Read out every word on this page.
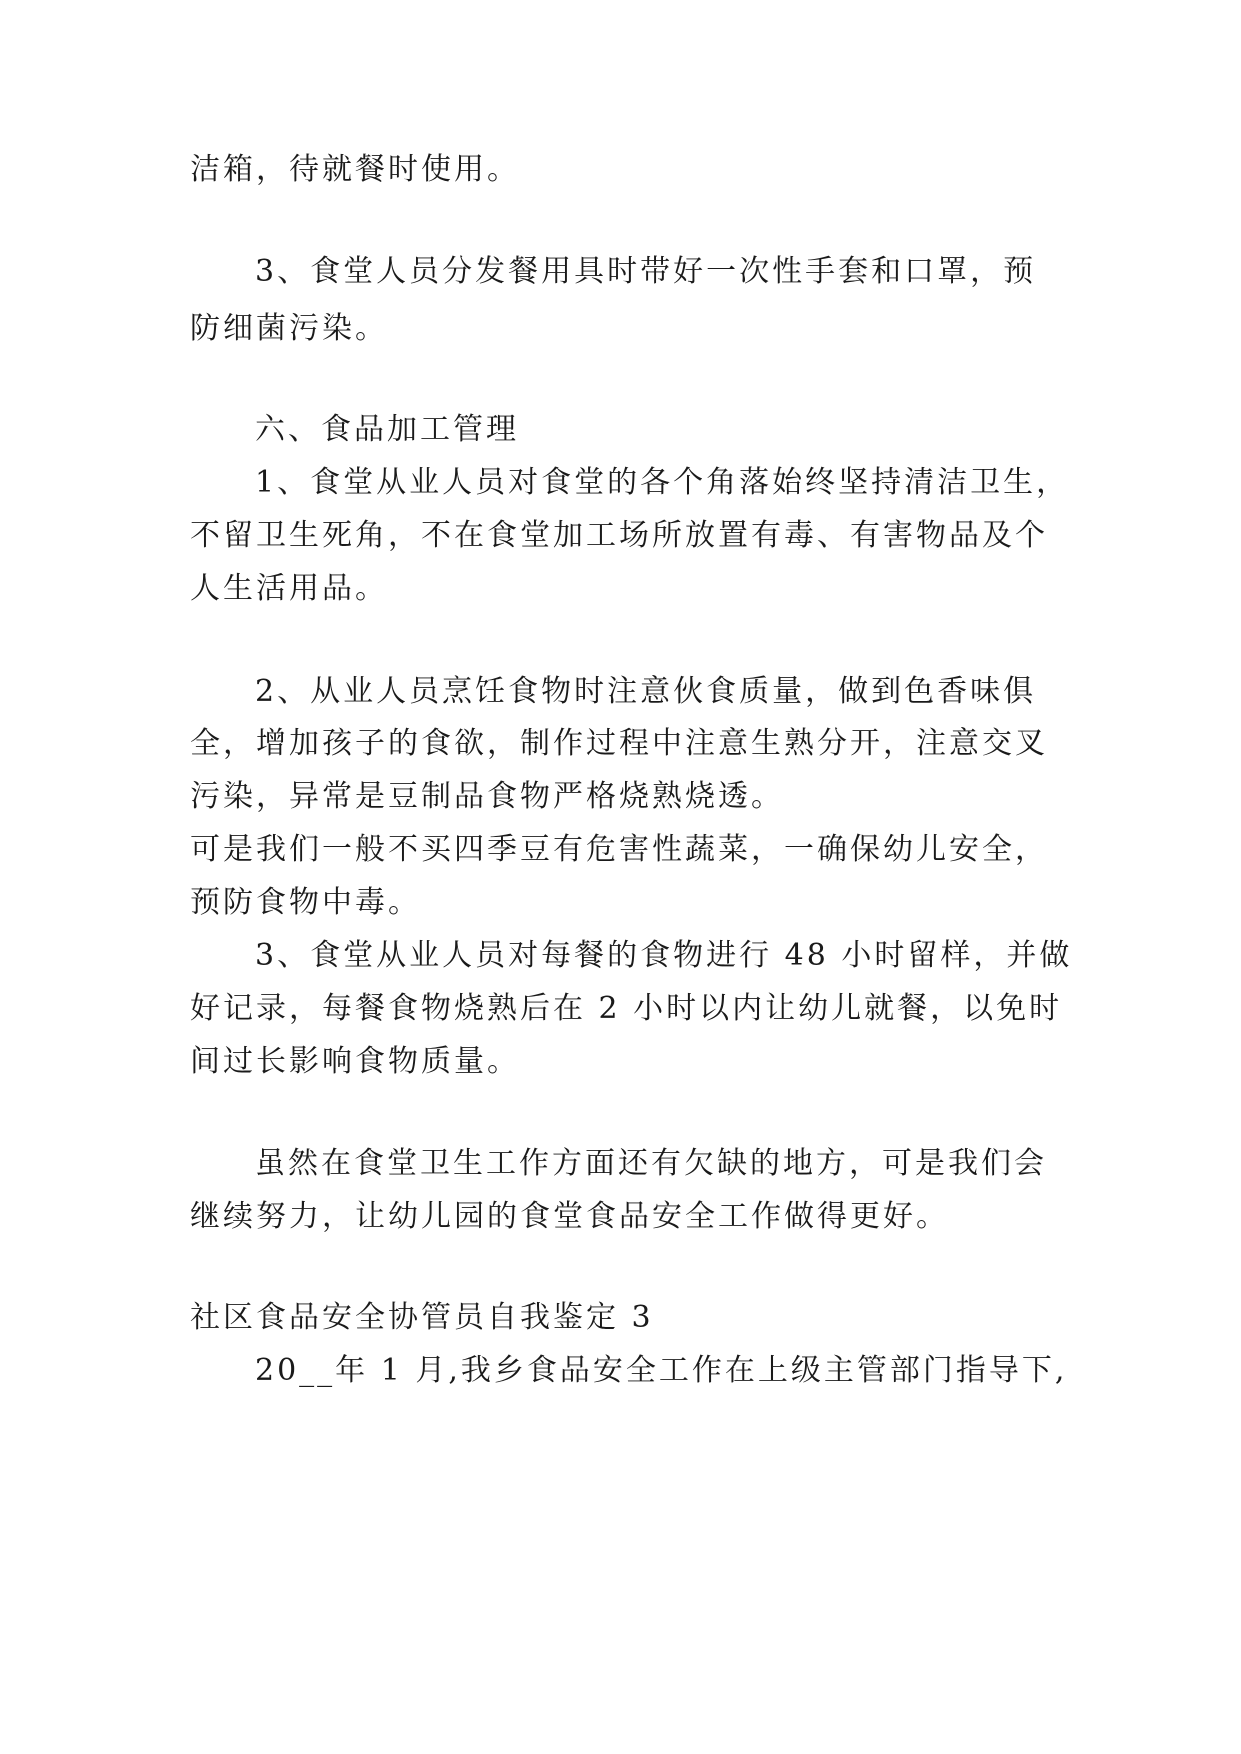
洁箱，待就餐时使用。
3、食堂人员分发餐用具时带好一次性手套和口罩，预
防细菌污染。
六、食品加工管理
1、食堂从业人员对食堂的各个角落始终坚持清洁卫生，
不留卫生死角，不在食堂加工场所放置有毒、有害物品及个
人生活用品。
2、从业人员烹饪食物时注意伙食质量，做到色香味俱
全，增加孩子的食欲，制作过程中注意生熟分开，注意交叉
污染，异常是豆制品食物严格烧熟烧透。
可是我们一般不买四季豆有危害性蔬菜，一确保幼儿安全，
预防食物中毒。
3、食堂从业人员对每餐的食物进行 48 小时留样，并做
好记录，每餐食物烧熟后在 2 小时以内让幼儿就餐，以免时
间过长影响食物质量。
虽然在食堂卫生工作方面还有欠缺的地方，可是我们会
继续努力，让幼儿园的食堂食品安全工作做得更好。
社区食品安全协管员自我鉴定 3
20__年 1 月,我乡食品安全工作在上级主管部门指导下,
